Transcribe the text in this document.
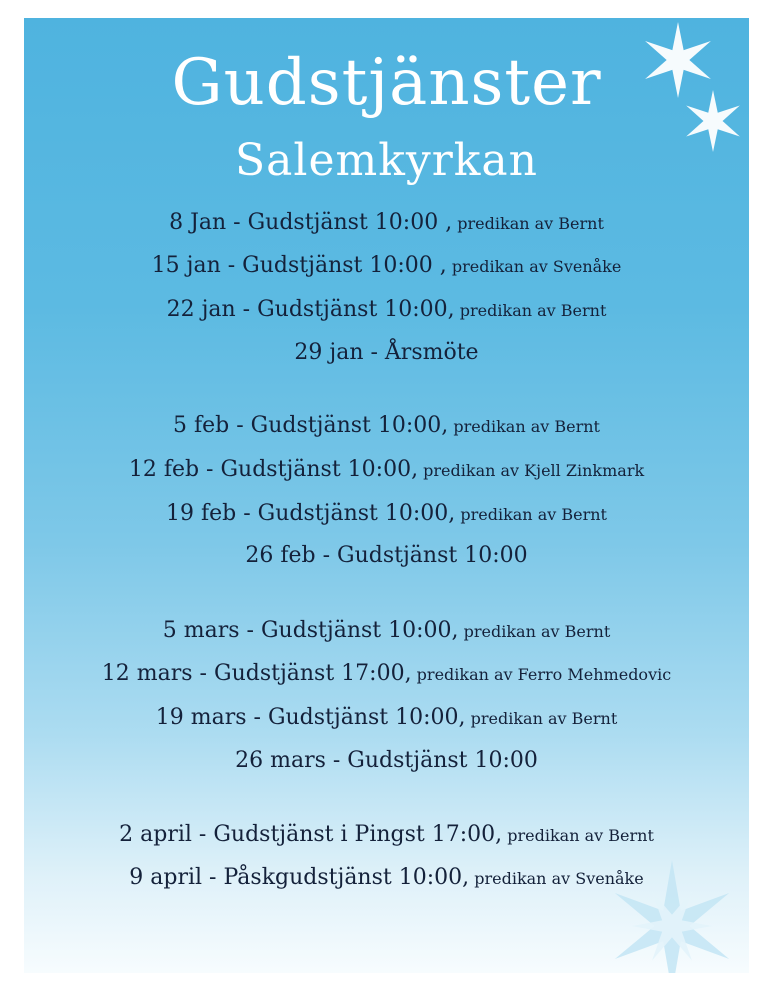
Gudstjänster
Salemkyrkan
8 Jan - Gudstjänst 10:00 , predikan av Bernt
15 jan - Gudstjänst 10:00 , predikan av Svenåke
22 jan - Gudstjänst 10:00, predikan av Bernt
29 jan - Årsmöte
5 feb - Gudstjänst 10:00, predikan av Bernt
12 feb - Gudstjänst 10:00, predikan av Kjell Zinkmark
19 feb - Gudstjänst 10:00, predikan av Bernt
26 feb - Gudstjänst 10:00
5 mars - Gudstjänst 10:00, predikan av Bernt
12 mars - Gudstjänst 17:00, predikan av Ferro Mehmedovic
19 mars - Gudstjänst 10:00, predikan av Bernt
26 mars - Gudstjänst 10:00
2 april - Gudstjänst i Pingst 17:00, predikan av Bernt
9 april - Påskgudstjänst 10:00, predikan av Svenåke
